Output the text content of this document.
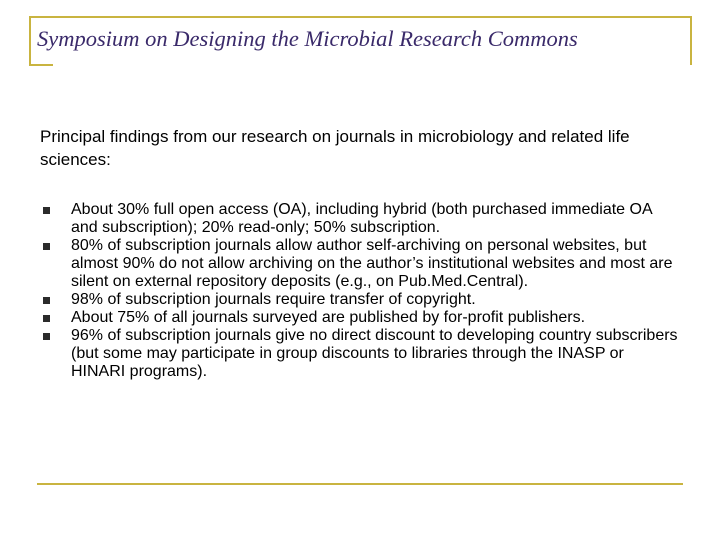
Symposium on Designing the Microbial Research Commons

Principal findings from our research on journals in microbiology and related life sciences:

About 30% full open access (OA), including hybrid (both purchased immediate OA and subscription); 20% read-only; 50% subscription.
80% of subscription journals allow author self-archiving on personal websites, but almost 90% do not allow archiving on the author’s institutional websites and most are silent on external repository deposits (e.g., on Pub.Med.Central).
98% of subscription journals require transfer of copyright.
About 75% of all journals surveyed are published by for-profit publishers.
96% of subscription journals give no direct discount to developing country subscribers (but some may participate in group discounts to libraries through the INASP or HINARI programs).
